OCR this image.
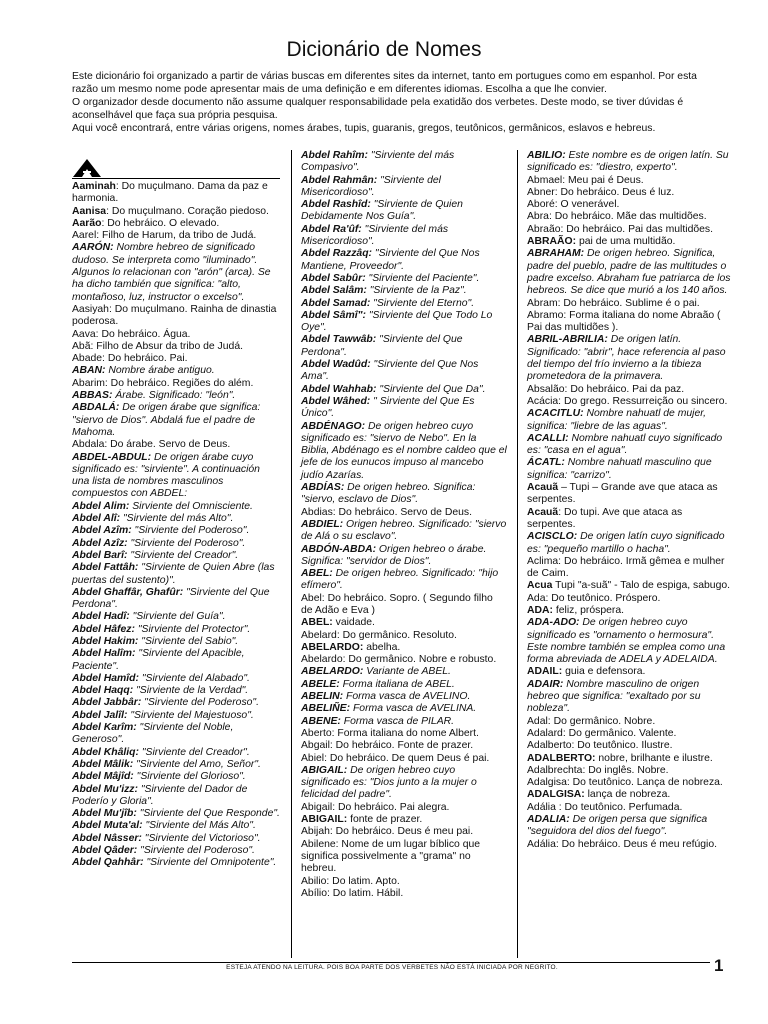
Dicionário de Nomes

Este dicionário foi organizado a partir de várias buscas em diferentes sites da internet, tanto em portugues como em espanhol. Por esta razão um mesmo nome pode apresentar mais de uma definição e em diferentes idiomas. Escolha a que lhe convier.

O organizador desde documento não assume qualquer responsabilidade pela exatidão dos verbetes. Deste modo, se tiver dúvidas é aconselhável que faça sua própria pesquisa.

Aqui você encontrará, entre várias origens, nomes árabes, tupis, guaranis, gregos, teutônicos, germânicos, eslavos e hebreus.

Aaminah: Do muçulmano. Dama da paz e harmonia.

Aanisa: Do muçulmano. Coração piedoso.

Aarão: Do hebráico. O elevado.

Aarel: Filho de Harum, da tribo de Judá.

AARÓN: Nombre hebreo de significado dudoso. Se interpreta como "iluminado". Algunos lo relacionan con "arón" (arca). Se ha dicho también que significa: "alto, montañoso, luz, instructor o excelso".

Aasiyah: Do muçulmano. Rainha de dinastia poderosa.

Aava: Do hebráico. Água.

Abã: Filho de Absur da tribo de Judá.

Abade: Do hebráico. Pai.

ABAN: Nombre árabe antiguo.

Abarim: Do hebráico. Regiões do além.

ABBAS: Árabe. Significado: "león".

ABDALÁ: De origen árabe que significa: "siervo de Dios". Abdalá fue el padre de Mahoma.

Abdala: Do árabe. Servo de Deus.

ABDEL-ABDUL: De origen árabe cuyo significado es: "sirviente". A continuación una lista de nombres masculinos compuestos con ABDEL:

Abdel Alim: Sirviente del Omnisciente.

Abdel Alî: "Sirviente del más Alto".

Abdel Azîm: "Sirviente del Poderoso".

Abdel Azîz: "Sirviente del Poderoso".

Abdel Barî: "Sirviente del Creador".

Abdel Fattâh: "Sirviente de Quien Abre (las puertas del sustento)".

Abdel Ghaffâr, Ghafûr: "Sirviente del Que Perdona".

Abdel Hadî: "Sirviente del Guía".

Abdel Hâfez: "Sirviente del Protector".

Abdel Hakim: "Sirviente del Sabio".

Abdel Halîm: "Sirviente del Apacible, Paciente".

Abdel Hamîd: "Sirviente del Alabado".

Abdel Haqq: "Sirviente de la Verdad".

Abdel Jabbâr: "Sirviente del Poderoso".

Abdel Jalîl: "Sirviente del Majestuoso".

Abdel Karîm: "Sirviente del Noble, Generoso".

Abdel Khâliq: "Sirviente del Creador".

Abdel Mâlik: "Sirviente del Amo, Señor".

Abdel Mâjîd: "Sirviente del Glorioso".

Abdel Mu'izz: "Sirviente del Dador de Poderío y Gloria".

Abdel Mu'jîb: "Sirviente del Que Responde".

Abdel Muta'al: "Sirviente del Más Alto".

Abdel Nâsser: "Sirviente del Victorioso".

Abdel Qâder: "Sirviente del Poderoso".

Abdel Qahhâr: "Sirviente del Omnipotente".

Abdel Rahîm: "Sirviente del más Compasivo".

Abdel Rahmân: "Sirviente del Misericordioso".

Abdel Rashîd: "Sirviente de Quien Debidamente Nos Guía".

Abdel Ra'ûf: "Sirviente del más Misericordioso".

Abdel Razzâq: "Sirviente del Que Nos Mantiene, Proveedor".

Abdel Sabûr: "Sirviente del Paciente".

Abdel Salâm: "Sirviente de la Paz".

Abdel Samad: "Sirviente del Eterno".

Abdel Sâmî": "Sirviente del Que Todo Lo Oye".

Abdel Tawwâb: "Sirviente del Que Perdona".

Abdel Wadûd: "Sirviente del Que Nos Ama".

Abdel Wahhab: "Sirviente del Que Da".

Abdel Wâhed: " Sirviente del Que Es Único".

ABDÉNAGO: De origen hebreo cuyo significado es: "siervo de Nebo". En la Biblia, Abdénago es el nombre caldeo que el jefe de los eunucos impuso al mancebo judío Azarías.

ABDÍAS: De origen hebreo. Significa: "siervo, esclavo de Dios".

Abdias: Do hebráico. Servo de Deus.

ABDIEL: Origen hebreo. Significado: "siervo de Alá o su esclavo".

ABDÓN-ABDA: Origen hebreo o árabe. Significa: "servidor de Dios".

ABEL: De origen hebreo. Significado: "hijo efímero".

Abel: Do hebráico. Sopro. ( Segundo filho de Adão e Eva )

ABEL: vaidade.

Abelard: Do germânico. Resoluto.

ABELARDO: abelha.

Abelardo: Do germânico. Nobre e robusto.

ABELARDO: Variante de ABEL.

ABELE: Forma italiana de ABEL.

ABELIN: Forma vasca de AVELINO.

ABELIÑE: Forma vasca de AVELINA.

ABENE: Forma vasca de PILAR.

Aberto: Forma italiana do nome Albert.

Abgail: Do hebráico. Fonte de prazer.

Abiel: Do hebráico. De quem Deus é pai.

ABIGAIL: De origen hebreo cuyo significado es: "Dios junto a la mujer o felicidad del padre".

Abigail: Do hebráico. Pai alegra.

ABIGAIL: fonte de prazer.

Abijah: Do hebráico. Deus é meu pai.

Abilene: Nome de um lugar bíblico que significa possivelmente a "grama" no hebreu.

Abilio: Do latim. Apto.

Abílio: Do latim. Hábil.

ABILIO: Este nombre es de origen latín. Su significado es: "diestro, experto".

Abmael: Meu pai é Deus.

Abner: Do hebráico. Deus é luz.

Aboré: O venerável.

Abra: Do hebráico. Mãe das multidões.

Abraão: Do hebráico. Pai das multidões.

ABRAÃO: pai de uma multidão.

ABRAHAM: De origen hebreo. Significa, padre del pueblo, padre de las multitudes o padre excelso. Abraham fue patriarca de los hebreos. Se dice que murió a los 140 años.

Abram: Do hebráico. Sublime é o pai.

Abramo: Forma italiana do nome Abraão ( Pai das multidões ).

ABRIL-ABRILIA: De origen latín. Significado: "abrir", hace referencia al paso del tiempo del frío invierno a la tibieza prometedora de la primavera.

Absalão: Do hebráico. Pai da paz.

Acácia: Do grego. Ressurreição ou sincero.

ACACITLU: Nombre nahuatl de mujer, significa: "liebre de las aguas".

ACALLI: Nombre nahuatl cuyo significado es: "casa en el agua".

ÁCATL: Nombre nahuatl masculino que significa: "carrizo".

Acauã – Tupi – Grande ave que ataca as serpentes.

Acauã: Do tupi. Ave que ataca as serpentes.

ACISCLO: De origen latín cuyo significado es: "pequeño martillo o hacha".

Aclima: Do hebráico. Irmã gêmea e mulher de Caim.

Acua Tupi "a-suã" - Talo de espiga, sabugo.

Ada: Do teutônico. Próspero.

ADA: feliz, próspera.

ADA-ADO: De origen hebreo cuyo significado es "ornamento o hermosura". Este nombre también se emplea como una forma abreviada de ADELA y ADELAIDA.

ADAIL: guia e defensora.

ADAIR: Nombre masculino de origen hebreo que significa: "exaltado por su nobleza".

Adal: Do germânico. Nobre.

Adalard: Do germânico. Valente.

Adalberto: Do teutônico. Ilustre.

ADALBERTO: nobre, brilhante e ilustre.

Adalbrechta: Do inglês. Nobre.

Adalgisa: Do teutônico. Lança de nobreza.

ADALGISA: lança de nobreza.

Adália : Do teutônico. Perfumada.

ADALIA: De origen persa que significa "seguidora del dios del fuego".

Adália: Do hebráico. Deus é meu refúgio.

ESTEJA ATENDO NA LEITURA. POIS BOA PARTE DOS VERBETES NÃO ESTÁ INICIADA POR NEGRITO.	1
